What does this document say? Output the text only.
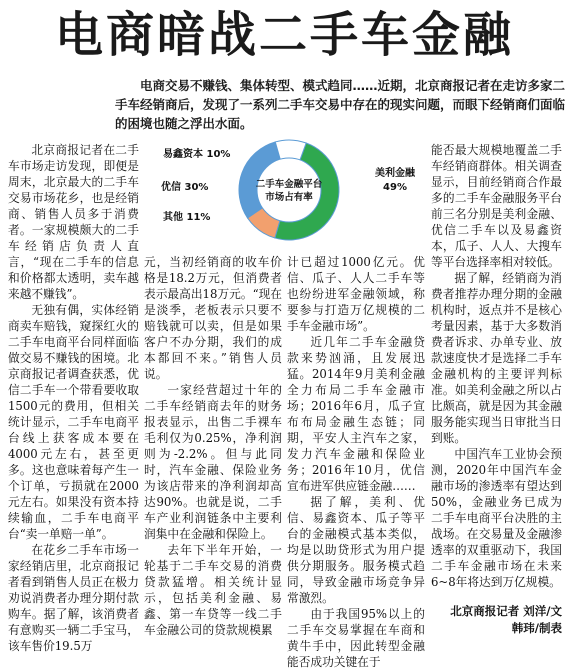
电商暗战二手车金融
电商交易不赚钱、集体转型、模式趋同……近期，北京商报记者在走访多家二手车经销商后，发现了一系列二手车交易中存在的现实问题，而眼下经销商们面临的困境也随之浮出水面。

北京商报记者在二手车市场走访发现，即便是周末，北京最大的二手车交易市场花乡，也是经销商、销售人员多于消费者。一家规模颇大的二手车经销店负责人直言，“现在二手车的信息和价格都太透明，卖车越来越不赚钱”。

无独有偶，实体经销商卖车赔钱，窥探红火的二手车电商平台同样面临做交易不赚钱的困境。北京商报记者调查获悉，优信二手车一个带看要收取1500元的费用，但相关统计显示，二手车电商平台线上获客成本要在4000元左右，甚至更多。这也意味着每产生一个订单，亏损就在2000元左右。如果没有资本持续输血，二手车电商平台“卖一单赔一单”。

在花乡二手车市场一家经销店里，北京商报记者看到销售人员正在极力劝说消费者办理分期付款购车。据了解，该消费者有意购买一辆二手宝马，该车售价19.5万

二手车金融平台
市场占有率
美利金融
49%
其他 11%
优信 30%
易鑫资本 10%

元，当初经销商的收车价格是18.2万元，但消费者表示最高出18万元。“现在是淡季，老板表示只要不赔钱就可以卖，但是如果客户不办分期，我们的成本都回不来。”销售人员说。

一家经营超过十年的二手车经销商去年的财务报表显示，出售二手裸车毛利仅为0.25%，净利润则为-2.2%。但与此同时，汽车金融、保险业务为该店带来的净利润却高达90%。也就是说，二手车产业利润链条中主要利润集中在金融和保险上。

去年下半年开始，一轮基于二手车交易的消费贷款猛增。相关统计显示，包括美利金融、易鑫、第一车贷等一线二手车金融公司的贷款规模累

计已超过1000亿元。优信、瓜子、人人二手车等也纷纷进军金融领域，称要参与打造万亿规模的二手车金融市场”。

近几年二手车金融贷款来势汹涌，且发展迅猛。2014年9月美利金融全力布局二手车金融市场；2016年6月，瓜子宣布布局金融生态链；同期，平安人主汽车之家，发力汽车金融和保险业务；2016年10月，优信宣布进军供应链金融……

据了解，美利、优信、易鑫资本、瓜子等平台的金融模式基本类似，均是以助贷形式为用户提供分期服务。服务模式趋同，导致金融市场竞争异常激烈。

由于我国95%以上的二手车交易掌握在车商和黄牛手中，因此转型金融能否成功关键在于

能否最大规模地覆盖二手车经销商群体。相关调查显示，目前经销商合作最多的二手车金融服务平台前三名分别是美利金融、优信二手车以及易鑫资本，瓜子、人人、大搜车等平台选择率相对较低。

据了解，经销商为消费者推荐办理分期的金融机构时，返点并不是核心考量因素，基于大多数消费者诉求、办单专业、放款速度快才是选择二手车金融机构的主要评判标准。如美利金融之所以占比颇高，就是因为其金融服务能实现当日审批当日到账。

中国汽车工业协会预测，2020年中国汽车金融市场的渗透率有望达到50%，金融业务已成为二手车电商平台决胜的主战场。在交易量及金融渗透率的双重驱动下，我国二手车金融市场在未来6~8年将达到万亿规模。

北京商报记者 刘洋/文
韩玮/制表
